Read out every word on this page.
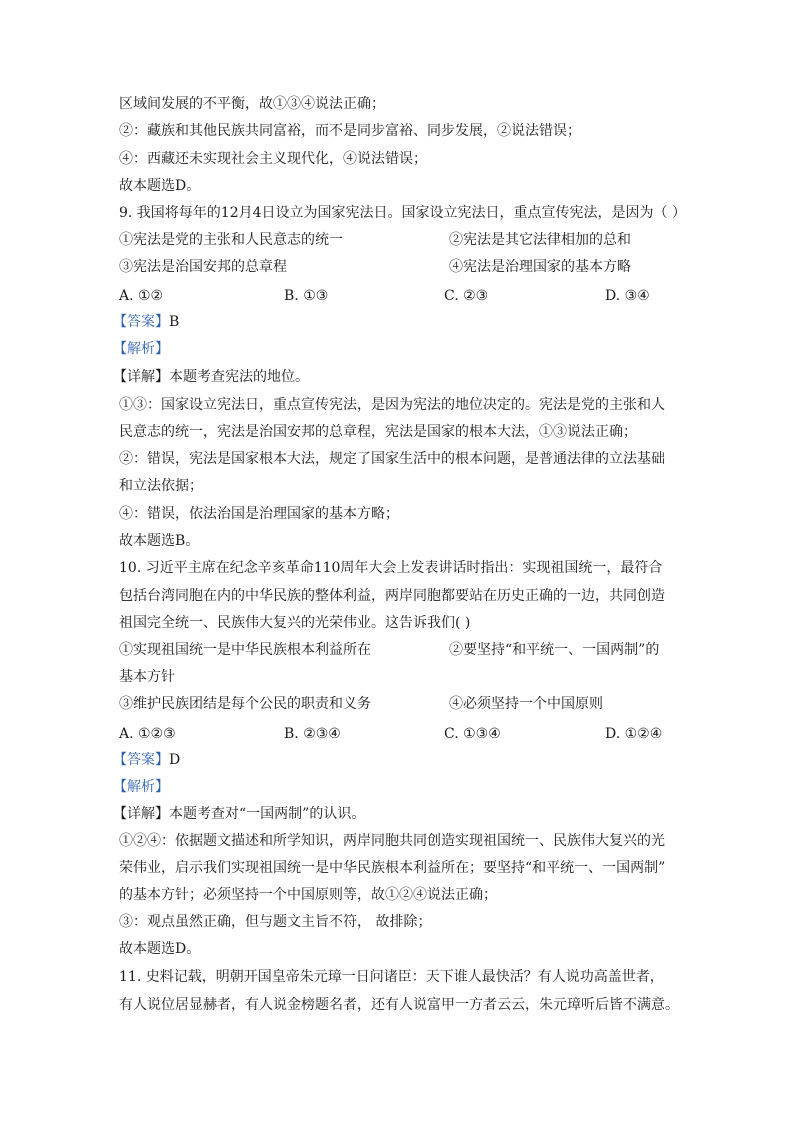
区域间发展的不平衡，故①③④说法正确；
②：藏族和其他民族共同富裕，而不是同步富裕、同步发展，②说法错误；
④：西藏还未实现社会主义现代化，④说法错误；
故本题选D。
9. 我国将每年的12月4日设立为国家宪法日。国家设立宪法日，重点宣传宪法，是因为（ ）
①宪法是党的主张和人民意志的统一	②宪法是其它法律相加的总和
③宪法是治国安邦的总章程	④宪法是治理国家的基本方略
A. ①②	B. ①③	C. ②③	D. ③④
【答案】B
【解析】
【详解】本题考查宪法的地位。
①③：国家设立宪法日，重点宣传宪法，是因为宪法的地位决定的。宪法是党的主张和人
民意志的统一，宪法是治国安邦的总章程，宪法是国家的根本大法，①③说法正确；
②：错误，宪法是国家根本大法，规定了国家生活中的根本问题，是普通法律的立法基础
和立法依据；
④：错误，依法治国是治理国家的基本方略；
故本题选B。
10. 习近平主席在纪念辛亥革命110周年大会上发表讲话时指出：实现祖国统一，最符合
包括台湾同胞在内的中华民族的整体利益，两岸同胞都要站在历史正确的一边，共同创造
祖国完全统一、民族伟大复兴的光荣伟业。这告诉我们( )
①实现祖国统一是中华民族根本利益所在	②要坚持“和平统一、一国两制”的
基本方针
③维护民族团结是每个公民的职责和义务	④必须坚持一个中国原则
A. ①②③	B. ②③④	C. ①③④	D. ①②④
【答案】D
【解析】
【详解】本题考查对“一国两制”的认识。
①②④：依据题文描述和所学知识，两岸同胞共同创造实现祖国统一、民族伟大复兴的光
荣伟业，启示我们实现祖国统一是中华民族根本利益所在；要坚持“和平统一、一国两制”
的基本方针；必须坚持一个中国原则等，故①②④说法正确；
③：观点虽然正确，但与题文主旨不符， 故排除；
故本题选D。
11. 史料记载，明朝开国皇帝朱元璋一日问诸臣：天下谁人最快活？有人说功高盖世者，
有人说位居显赫者，有人说金榜题名者，还有人说富甲一方者云云，朱元璋听后皆不满意。
